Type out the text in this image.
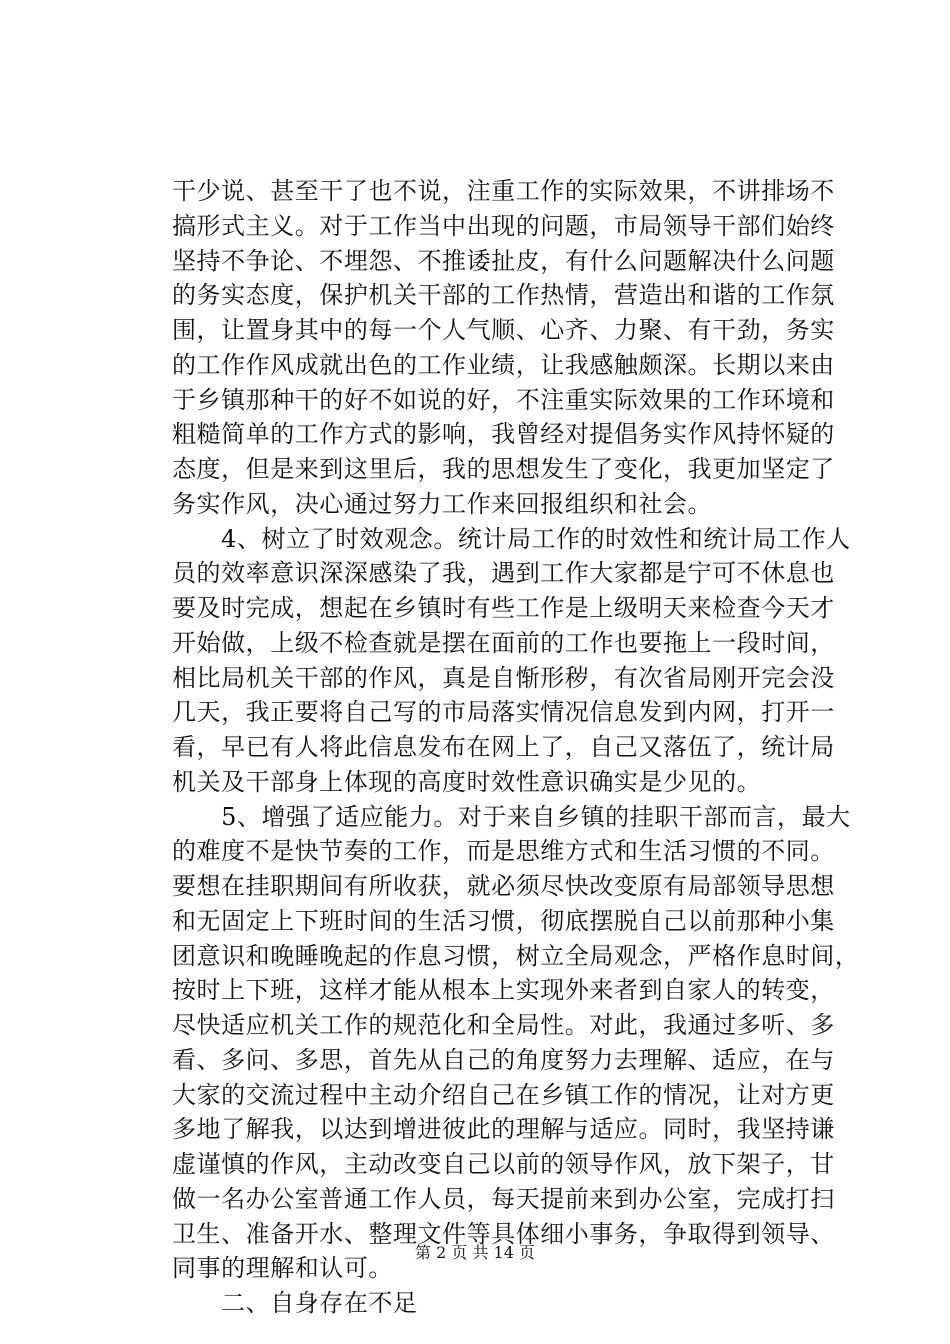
干少说、甚至干了也不说，注重工作的实际效果，不讲排场不
搞形式主义。对于工作当中出现的问题，市局领导干部们始终
坚持不争论、不埋怨、不推诿扯皮，有什么问题解决什么问题
的务实态度，保护机关干部的工作热情，营造出和谐的工作氛
围，让置身其中的每一个人气顺、心齐、力聚、有干劲，务实
的工作作风成就出色的工作业绩，让我感触颇深。长期以来由
于乡镇那种干的好不如说的好，不注重实际效果的工作环境和
粗糙简单的工作方式的影响，我曾经对提倡务实作风持怀疑的
态度，但是来到这里后，我的思想发生了变化，我更加坚定了
务实作风，决心通过努力工作来回报组织和社会。
　　4、树立了时效观念。统计局工作的时效性和统计局工作人
员的效率意识深深感染了我，遇到工作大家都是宁可不休息也
要及时完成，想起在乡镇时有些工作是上级明天来检查今天才
开始做，上级不检查就是摆在面前的工作也要拖上一段时间，
相比局机关干部的作风，真是自惭形秽，有次省局刚开完会没
几天，我正要将自己写的市局落实情况信息发到内网，打开一
看，早已有人将此信息发布在网上了，自己又落伍了，统计局
机关及干部身上体现的高度时效性意识确实是少见的。
　　5、增强了适应能力。对于来自乡镇的挂职干部而言，最大
的难度不是快节奏的工作，而是思维方式和生活习惯的不同。
要想在挂职期间有所收获，就必须尽快改变原有局部领导思想
和无固定上下班时间的生活习惯，彻底摆脱自己以前那种小集
团意识和晚睡晚起的作息习惯，树立全局观念，严格作息时间，
按时上下班，这样才能从根本上实现外来者到自家人的转变，
尽快适应机关工作的规范化和全局性。对此，我通过多听、多
看、多问、多思，首先从自己的角度努力去理解、适应，在与
大家的交流过程中主动介绍自己在乡镇工作的情况，让对方更
多地了解我，以达到增进彼此的理解与适应。同时，我坚持谦
虚谨慎的作风，主动改变自己以前的领导作风，放下架子，甘
做一名办公室普通工作人员，每天提前来到办公室，完成打扫
卫生、准备开水、整理文件等具体细小事务，争取得到领导、
同事的理解和认可。
　　二、自身存在不足
第 2 页 共 14 页
